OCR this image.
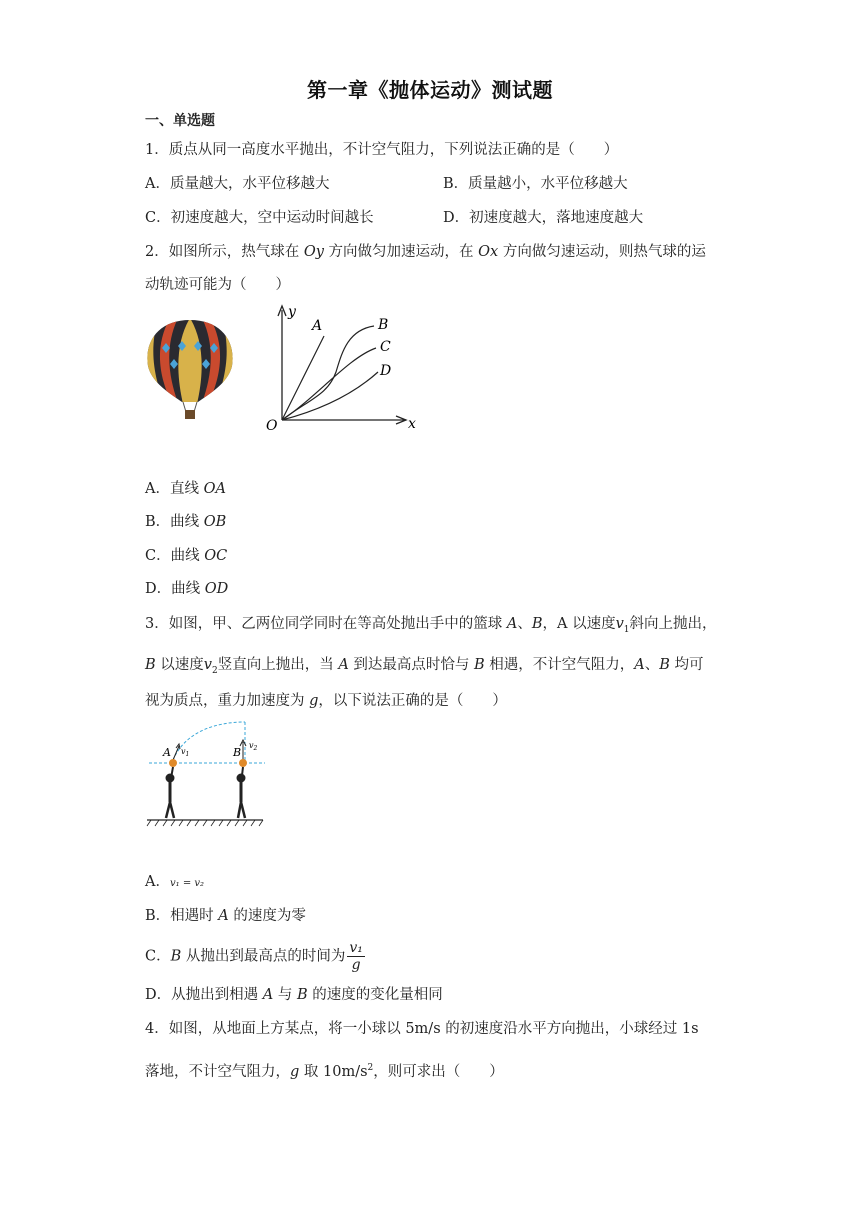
第一章《抛体运动》测试题
一、单选题
1．质点从同一高度水平抛出，不计空气阻力，下列说法正确的是（　　）
A．质量越大，水平位移越大	B．质量越小，水平位移越大
C．初速度越大，空中运动时间越长	D．初速度越大，落地速度越大
2．如图所示，热气球在 Oy 方向做匀加速运动，在 Ox 方向做匀速运动，则热气球的运
动轨迹可能为（　　）
y
x
O
A	B
C
D
A．直线 OA
B．曲线 OB
C．曲线 OC
D．曲线 OD
3．如图，甲、乙两位同学同时在等高处抛出手中的篮球 A、B，A 以速度$v_1$斜向上抛出，
B 以速度$v_2$竖直向上抛出，当 A 到达最高点时恰与 B 相遇，不计空气阻力，A、B 均可
视为质点，重力加速度为 g，以下说法正确的是（　　）
A $v_1$	B
$v_2$
A．v₁ = v₂
B．相遇时 A 的速度为零
C．B 从抛出到最高点的时间为 $\frac{\text{v₁}}{g}$
D．从抛出到相遇 A 与 B 的速度的变化量相同
4．如图，从地面上方某点，将一小球以 5m/s 的初速度沿水平方向抛出，小球经过 1s
落地，不计空气阻力，g 取 $10m/s^2$，则可求出（　　）
